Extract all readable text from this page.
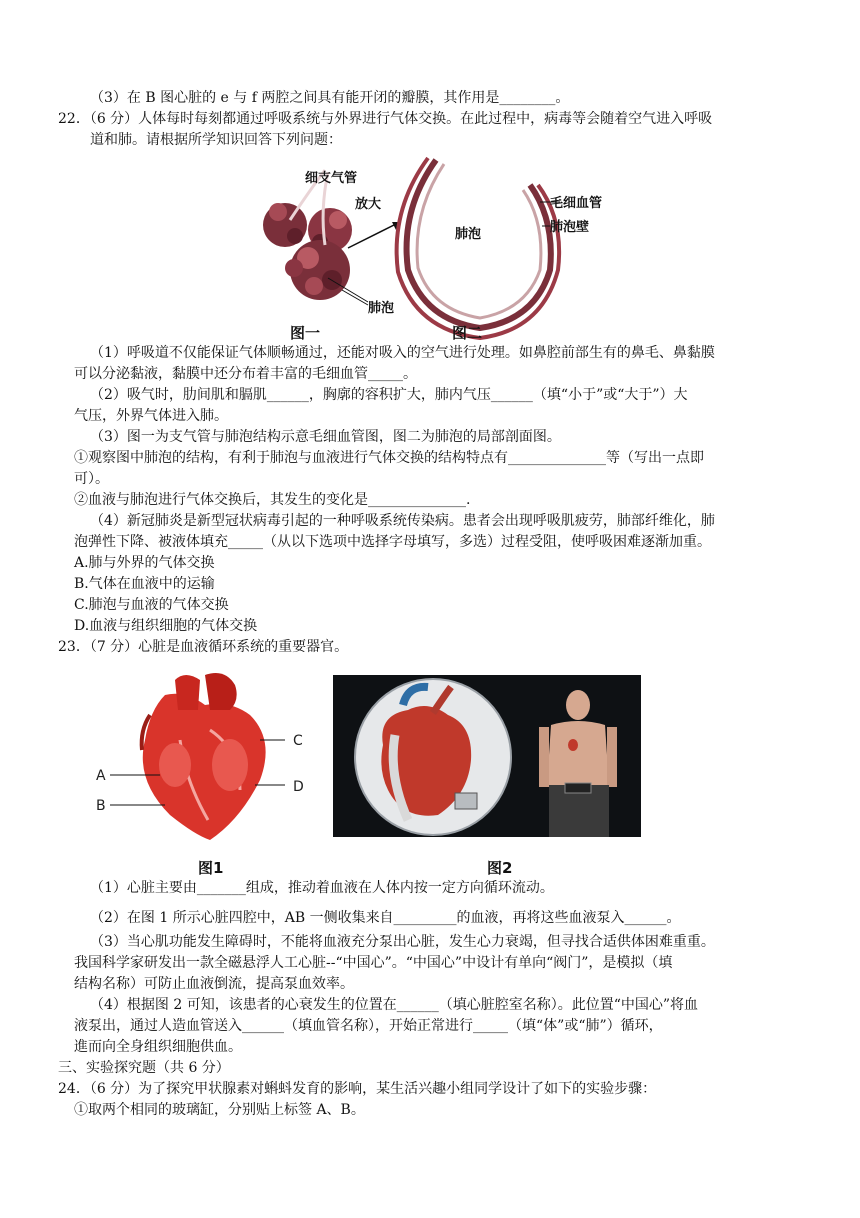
（3）在 B 图心脏的 e 与 f 两腔之间具有能开闭的瓣膜，其作用是________。
22．（6 分）人体每时每刻都通过呼吸系统与外界进行气体交换。在此过程中，病毒等会随着空气进入呼吸
道和肺。请根据所学知识回答下列问题：
细支气管
放大
肺泡
肺泡
毛细血管
肺泡壁
图一	图二
（1）呼吸道不仅能保证气体顺畅通过，还能对吸入的空气进行处理。如鼻腔前部生有的鼻毛、鼻黏膜
可以分泌黏液，黏膜中还分布着丰富的毛细血管_____。
（2）吸气时，肋间肌和膈肌______，胸廓的容积扩大，肺内气压______（填“小于”或“大于”）大
气压，外界气体进入肺。
（3）图一为支气管与肺泡结构示意毛细血管图，图二为肺泡的局部剖面图。
①观察图中肺泡的结构，有利于肺泡与血液进行气体交换的结构特点有______________等（写出一点即
可）。
②血液与肺泡进行气体交换后，其发生的变化是______________.
（4）新冠肺炎是新型冠状病毒引起的一种呼吸系统传染病。患者会出现呼吸肌疲劳，肺部纤维化，肺
泡弹性下降、被液体填充_____（从以下选项中选择字母填写，多选）过程受阻，使呼吸困难逐渐加重。
A.肺与外界的气体交换
B.气体在血液中的运输
C.肺泡与血液的气体交换
D.血液与组织细胞的气体交换
23．（7 分）心脏是血液循环系统的重要器官。
C
A
D
B
图1	图2
（1）心脏主要由_______组成，推动着血液在人体内按一定方向循环流动。
（2）在图 1 所示心脏四腔中，AB 一侧收集来自_________的血液，再将这些血液泵入______。
（3）当心肌功能发生障碍时，不能将血液充分泵出心脏，发生心力衰竭，但寻找合适供体困难重重。
我国科学家研发出一款全磁悬浮人工心脏--“中国心”。“中国心”中设计有单向“阀门”，是模拟（填
结构名称）可防止血液倒流，提高泵血效率。
（4）根据图 2 可知，该患者的心衰发生的位置在______（填心脏腔室名称）。此位置“中国心”将血
液泵出，通过人造血管送入______（填血管名称），开始正常进行_____（填“体”或“肺”）循环，
進而向全身组织细胞供血。
三、实验探究题（共 6 分）
24．（6 分）为了探究甲状腺素对蝌蚪发育的影响，某生活兴趣小组同学设计了如下的实验步骤：
①取两个相同的玻璃缸，分别贴上标签 A、B。
